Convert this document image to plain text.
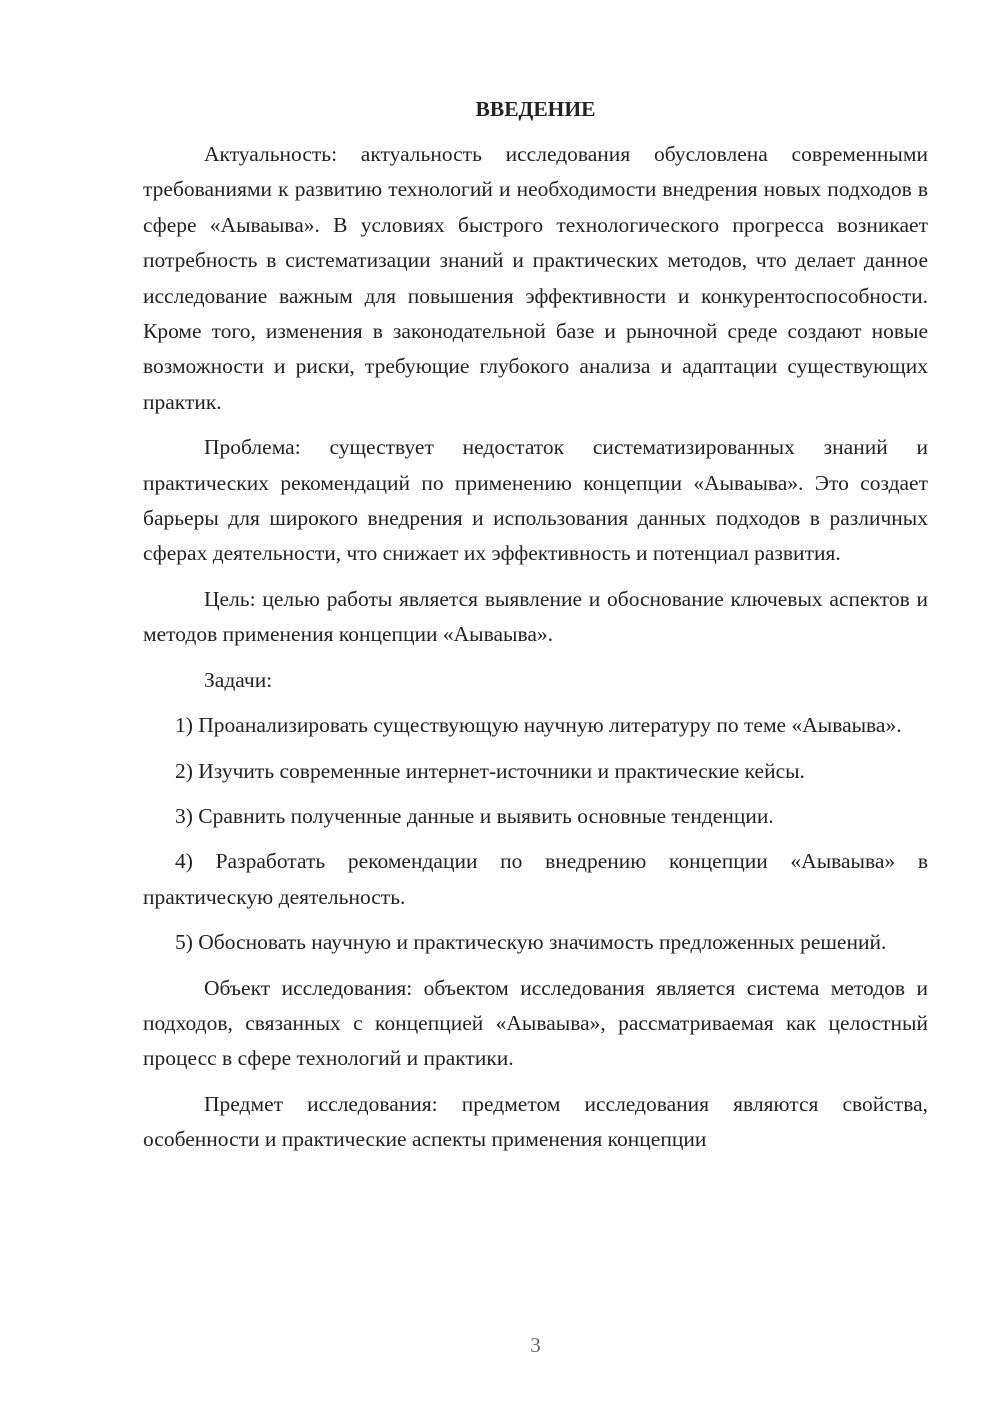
ВВЕДЕНИЕ

Актуальность: актуальность исследования обусловлена современными требованиями к развитию технологий и необходимости внедрения новых подходов в сфере «Аываыва». В условиях быстрого технологического прогресса возникает потребность в систематизации знаний и практических методов, что делает данное исследование важным для повышения эффективности и конкурентоспособности. Кроме того, изменения в законодательной базе и рыночной среде создают новые возможности и риски, требующие глубокого анализа и адаптации существующих практик.

Проблема: существует недостаток систематизированных знаний и практических рекомендаций по применению концепции «Аываыва». Это создает барьеры для широкого внедрения и использования данных подходов в различных сферах деятельности, что снижает их эффективность и потенциал развития.

Цель: целью работы является выявление и обоснование ключевых аспектов и методов применения концепции «Аываыва».

Задачи:

1) Проанализировать существующую научную литературу по теме «Аываыва».

2) Изучить современные интернет-источники и практические кейсы.

3) Сравнить полученные данные и выявить основные тенденции.

4) Разработать рекомендации по внедрению концепции «Аываыва» в практическую деятельность.

5) Обосновать научную и практическую значимость предложенных решений.

Объект исследования: объектом исследования является система методов и подходов, связанных с концепцией «Аываыва», рассматриваемая как целостный процесс в сфере технологий и практики.

Предмет исследования: предметом исследования являются свойства, особенности и практические аспекты применения концепции

3
